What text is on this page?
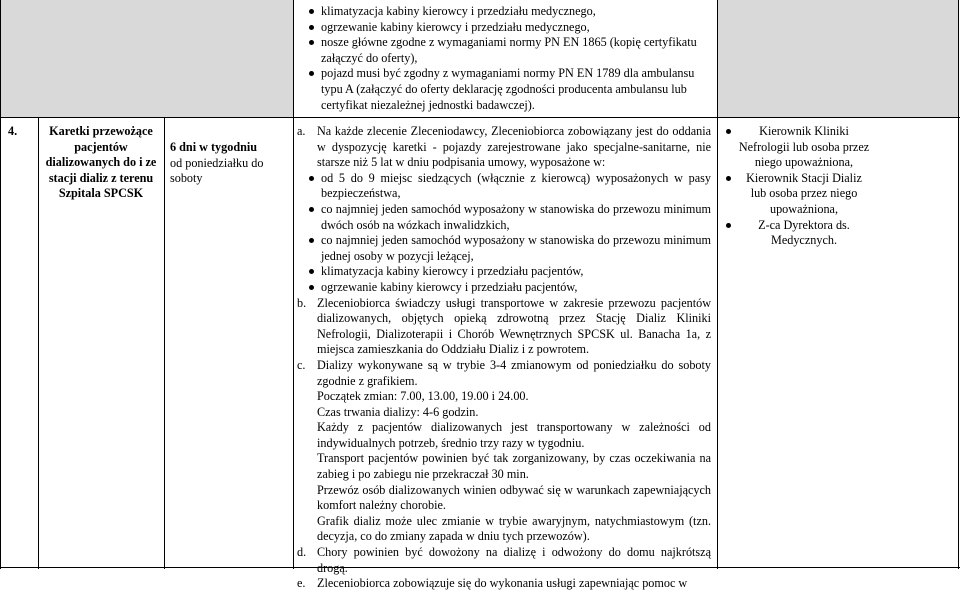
klimatyzacja kabiny kierowcy i przedziału medycznego,
ogrzewanie kabiny kierowcy i przedziału medycznego,
nosze główne zgodne z wymaganiami normy PN EN 1865 (kopię certyfikatu załączyć do oferty),
pojazd musi być zgodny z wymaganiami normy PN EN 1789 dla ambulansu typu A (załączyć do oferty deklarację zgodności producenta ambulansu lub certyfikat niezależnej jednostki badawczej).
4.	Karetki przewożące pacjentów dializowanych do i ze stacji dializ z terenu Szpitala SPCSK
6 dni w tygodniu
od poniedziałku do soboty
a. Na każde zlecenie Zleceniodawcy, Zleceniobiorca zobowiązany jest do oddania w dyspozycję karetki - pojazdy zarejestrowane jako specjalne-sanitarne, nie starsze niż 5 lat w dniu podpisania umowy, wyposażone w:
od 5 do 9 miejsc siedzących (włącznie z kierowcą) wyposażonych w pasy bezpieczeństwa,
co najmniej jeden samochód wyposażony w stanowiska do przewozu minimum dwóch osób na wózkach inwalidzkich,
co najmniej jeden samochód wyposażony w stanowiska do przewozu minimum jednej osoby w pozycji leżącej,
klimatyzacja kabiny kierowcy i przedziału pacjentów,
ogrzewanie kabiny kierowcy i przedziału pacjentów,
b. Zleceniobiorca świadczy usługi transportowe w zakresie przewozu pacjentów dializowanych, objętych opieką zdrowotną przez Stację Dializ Kliniki Nefrologii, Dializoterapii i Chorób Wewnętrznych SPCSK ul. Banacha 1a, z miejsca zamieszkania do Oddziału Dializ i z powrotem.
c. Dializy wykonywane są w trybie 3-4 zmianowym od poniedziałku do soboty zgodnie z grafikiem.
Początek zmian: 7.00, 13.00, 19.00 i 24.00.
Czas trwania dializy: 4-6 godzin.
Każdy z pacjentów dializowanych jest transportowany w zależności od indywidualnych potrzeb, średnio trzy razy w tygodniu.
Transport pacjentów powinien być tak zorganizowany, by czas oczekiwania na zabieg i po zabiegu nie przekraczał 30 min.
Przewóz osób dializowanych winien odbywać się w warunkach zapewniających komfort należny chorobie.
Grafik dializ może ulec zmianie w trybie awaryjnym, natychmiastowym (tzn. decyzja, co do zmiany zapada w dniu tych przewozów).
d. Chory powinien być dowożony na dializę i odwożony do domu najkrótszą drogą.
e. Zleceniobiorca zobowiązuje się do wykonania usługi zapewniając pomoc w
Kierownik Kliniki Nefrologii lub osoba przez niego upoważniona,
Kierownik Stacji Dializ lub osoba przez niego upoważniona,
Z-ca Dyrektora ds. Medycznych.
